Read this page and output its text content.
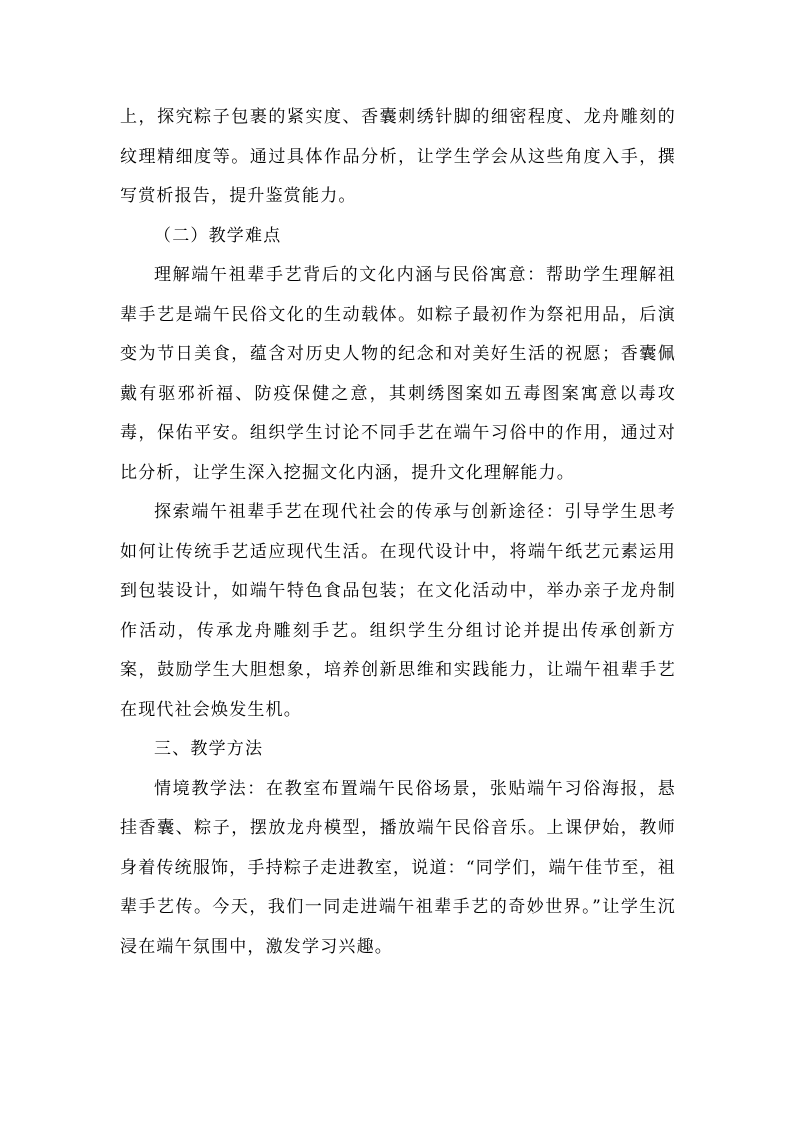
上，探究粽子包裹的紧实度、香囊刺绣针脚的细密程度、龙舟雕刻的纹理精细度等。通过具体作品分析，让学生学会从这些角度入手，撰写赏析报告，提升鉴赏能力。

（二）教学难点

理解端午祖辈手艺背后的文化内涵与民俗寓意：帮助学生理解祖辈手艺是端午民俗文化的生动载体。如粽子最初作为祭祀用品，后演变为节日美食，蕴含对历史人物的纪念和对美好生活的祝愿；香囊佩戴有驱邪祈福、防疫保健之意，其刺绣图案如五毒图案寓意以毒攻毒，保佑平安。组织学生讨论不同手艺在端午习俗中的作用，通过对比分析，让学生深入挖掘文化内涵，提升文化理解能力。

探索端午祖辈手艺在现代社会的传承与创新途径：引导学生思考如何让传统手艺适应现代生活。在现代设计中，将端午纸艺元素运用到包装设计，如端午特色食品包装；在文化活动中，举办亲子龙舟制作活动，传承龙舟雕刻手艺。组织学生分组讨论并提出传承创新方案，鼓励学生大胆想象，培养创新思维和实践能力，让端午祖辈手艺在现代社会焕发生机。

三、教学方法

情境教学法：在教室布置端午民俗场景，张贴端午习俗海报，悬挂香囊、粽子，摆放龙舟模型，播放端午民俗音乐。上课伊始，教师身着传统服饰，手持粽子走进教室，说道：“同学们，端午佳节至，祖辈手艺传。今天，我们一同走进端午祖辈手艺的奇妙世界。”让学生沉浸在端午氛围中，激发学习兴趣。
